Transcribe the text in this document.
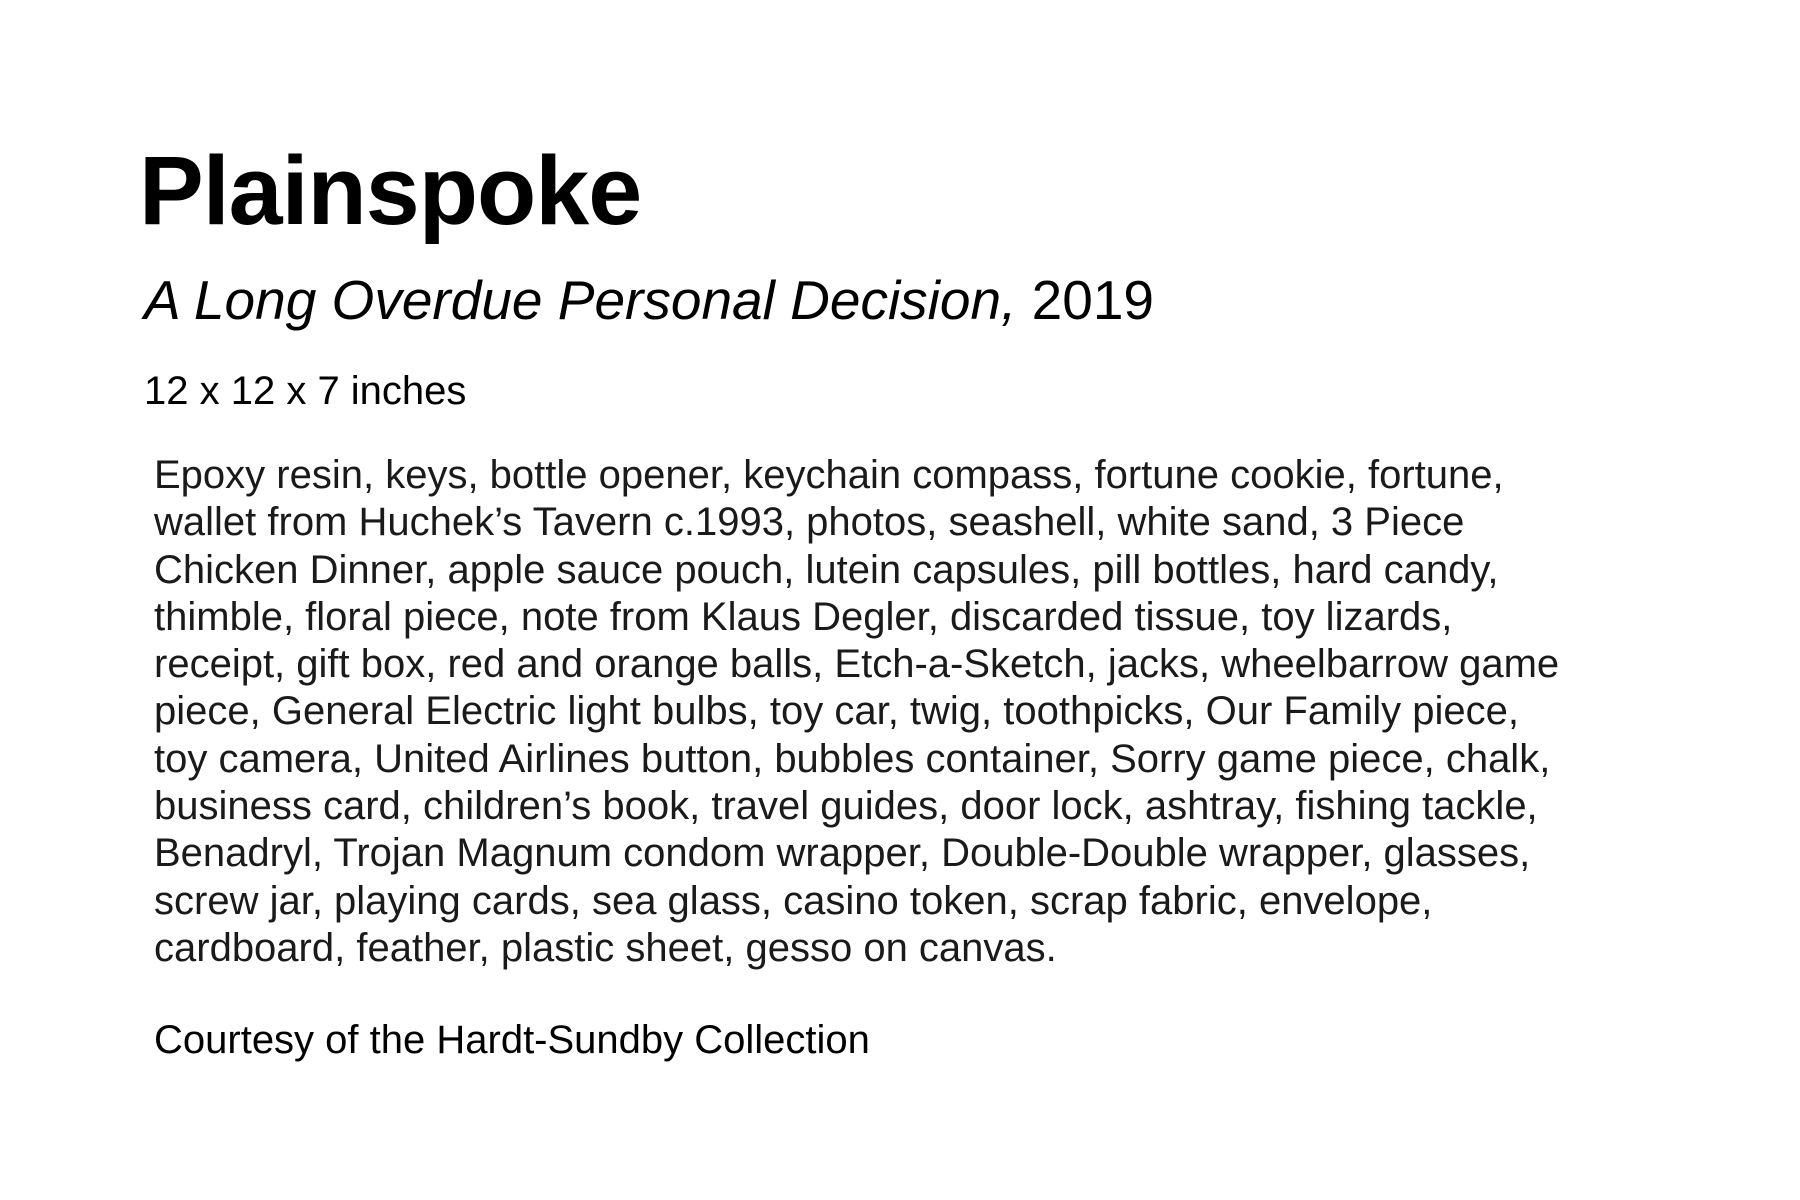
Plainspoke

A Long Overdue Personal Decision, 2019

12 x 12 x 7 inches

Epoxy resin, keys, bottle opener, keychain compass, fortune cookie, fortune,
wallet from Huchek’s Tavern c.1993, photos, seashell, white sand, 3 Piece
Chicken Dinner, apple sauce pouch, lutein capsules, pill bottles, hard candy,
thimble, floral piece, note from Klaus Degler, discarded tissue, toy lizards,
receipt, gift box, red and orange balls, Etch-a-Sketch, jacks, wheelbarrow game
piece, General Electric light bulbs, toy car, twig, toothpicks, Our Family piece,
toy camera, United Airlines button, bubbles container, Sorry game piece, chalk,
business card, children’s book, travel guides, door lock, ashtray, fishing tackle,
Benadryl, Trojan Magnum condom wrapper, Double-Double wrapper, glasses,
screw jar, playing cards, sea glass, casino token, scrap fabric, envelope,
cardboard, feather, plastic sheet, gesso on canvas.

Courtesy of the Hardt-Sundby Collection
